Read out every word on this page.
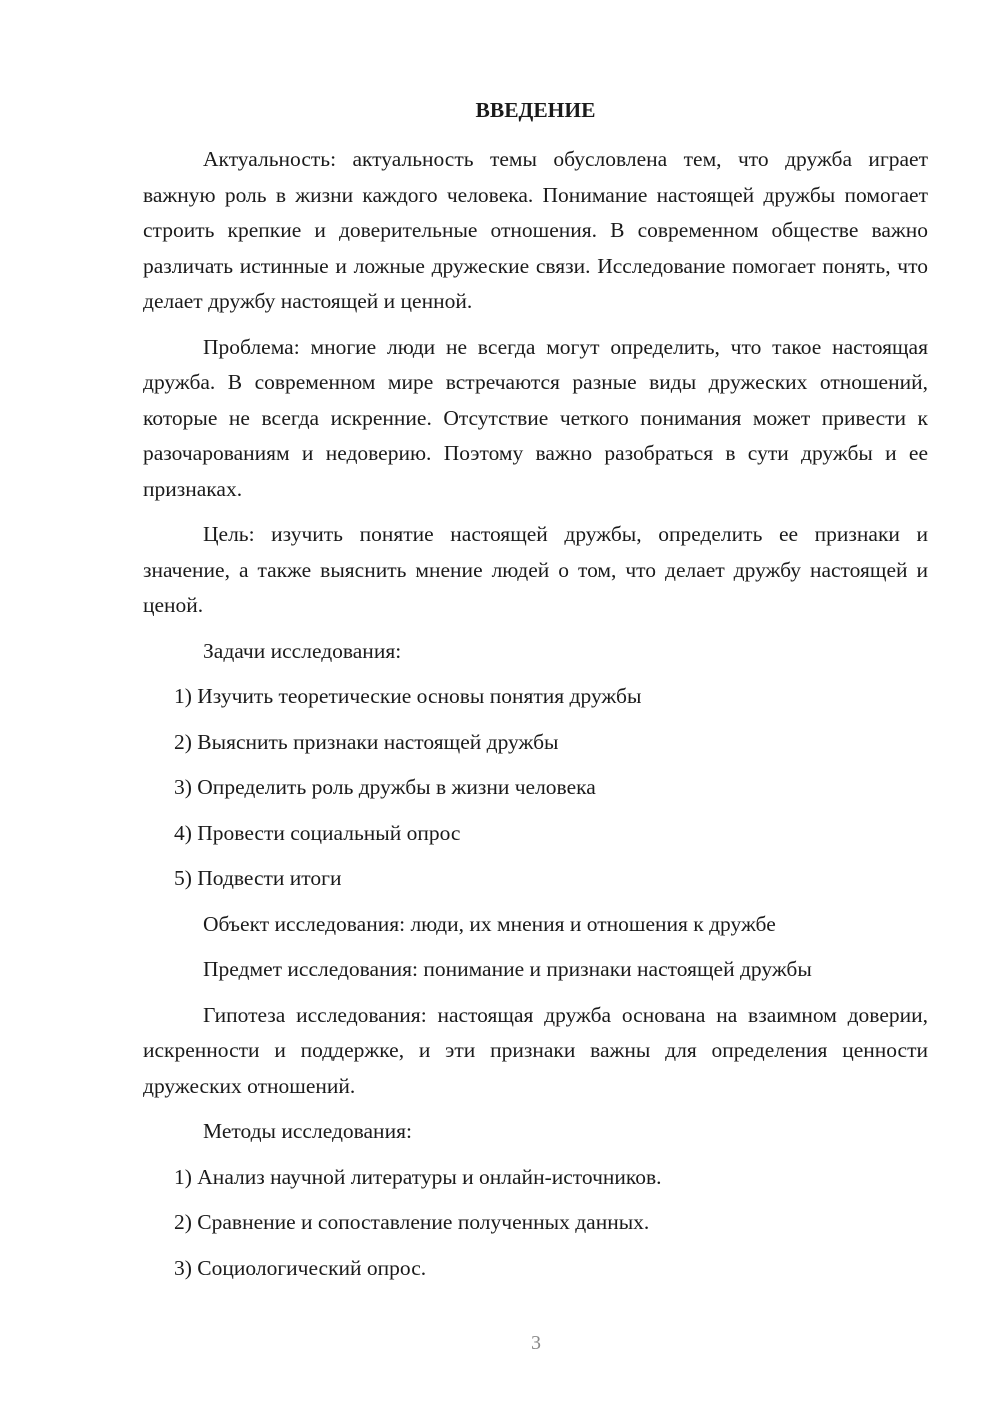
ВВЕДЕНИЕ

Актуальность: актуальность темы обусловлена тем, что дружба играет важную роль в жизни каждого человека. Понимание настоящей дружбы помогает строить крепкие и доверительные отношения. В современном обществе важно различать истинные и ложные дружеские связи. Исследование помогает понять, что делает дружбу настоящей и ценной.

Проблема: многие люди не всегда могут определить, что такое настоящая дружба. В современном мире встречаются разные виды дружеских отношений, которые не всегда искренние. Отсутствие четкого понимания может привести к разочарованиям и недоверию. Поэтому важно разобраться в сути дружбы и ее признаках.

Цель: изучить понятие настоящей дружбы, определить ее признаки и значение, а также выяснить мнение людей о том, что делает дружбу настоящей и ценой.

Задачи исследования:
1) Изучить теоретические основы понятия дружбы
2) Выяснить признаки настоящей дружбы
3) Определить роль дружбы в жизни человека
4) Провести социальный опрос
5) Подвести итоги
Объект исследования: люди, их мнения и отношения к дружбе
Предмет исследования: понимание и признаки настоящей дружбы

Гипотеза исследования: настоящая дружба основана на взаимном доверии, искренности и поддержке, и эти признаки важны для определения ценности дружеских отношений.

Методы исследования:
1) Анализ научной литературы и онлайн-источников.
2) Сравнение и сопоставление полученных данных.
3) Социологический опрос.
3
